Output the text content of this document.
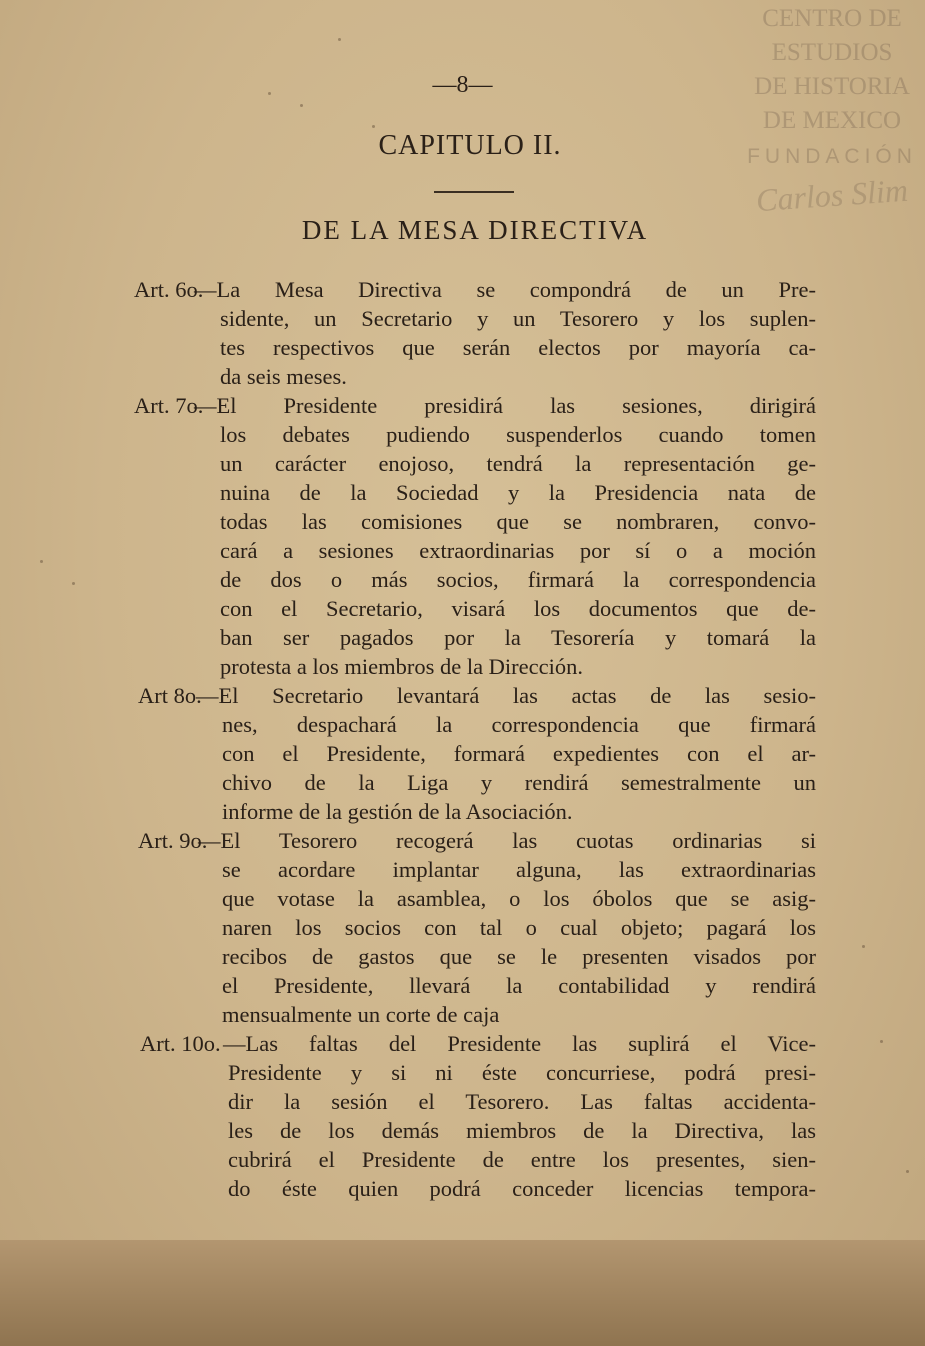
CENTRO DE
ESTUDIOS
DE HISTORIA
DE MEXICO
FUNDACIÓN
Carlos Slim
—8—
CAPITULO II.
DE LA MESA DIRECTIVA
Art. 6o.
—La Mesa Directiva se compondrá de un Pre-
sidente, un Secretario y un Tesorero y los suplen-
tes respectivos que serán electos por mayoría ca-
da seis meses.
Art. 7o.
—El Presidente presidirá las sesiones, dirigirá
los debates pudiendo suspenderlos cuando tomen
un carácter enojoso, tendrá la representación ge-
nuina de la Sociedad y la Presidencia nata de
todas las comisiones que se nombraren, convo-
cará a sesiones extraordinarias por sí o a moción
de dos o más socios, firmará la correspondencia
con el Secretario, visará los documentos que de-
ban ser pagados por la Tesorería y tomará la
protesta a los miembros de la Dirección.
Art 8o.
—El Secretario levantará las actas de las sesio-
nes, despachará la correspondencia que firmará
con el Presidente, formará expedientes con el ar-
chivo de la Liga y rendirá semestralmente un
informe de la gestión de la Asociación.
Art. 9o.
—El Tesorero recogerá las cuotas ordinarias si
se acordare implantar alguna, las extraordinarias
que votase la asamblea, o los óbolos que se asig-
naren los socios con tal o cual objeto; pagará los
recibos de gastos que se le presenten visados por
el Presidente, llevará la contabilidad y rendirá
mensualmente un corte de caja
Art. 10o. —Las faltas del Presidente las suplirá el Vice-
Presidente y si ni éste concurriese, podrá presi-
dir la sesión el Tesorero. Las faltas accidenta-
les de los demás miembros de la Directiva, las
cubrirá el Presidente de entre los presentes, sien-
do éste quien podrá conceder licencias tempora-
